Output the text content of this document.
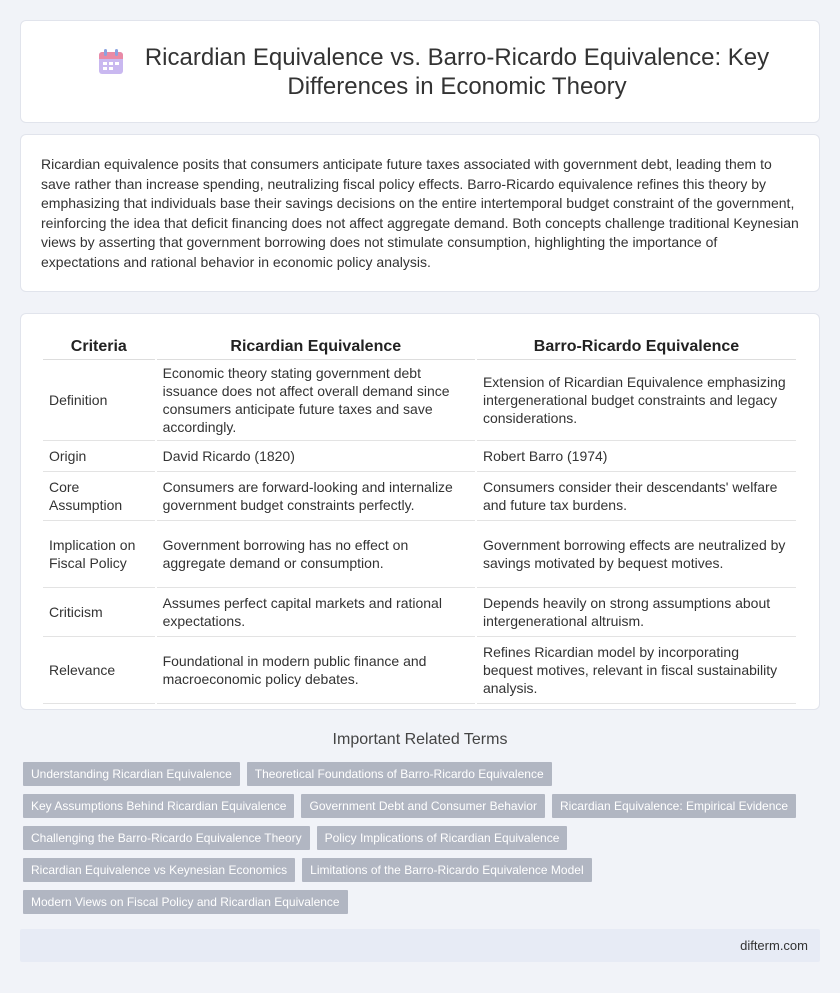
Ricardian Equivalence vs. Barro-Ricardo Equivalence: Key Differences in Economic Theory

Ricardian equivalence posits that consumers anticipate future taxes associated with government debt, leading them to save rather than increase spending, neutralizing fiscal policy effects. Barro-Ricardo equivalence refines this theory by emphasizing that individuals base their savings decisions on the entire intertemporal budget constraint of the government, reinforcing the idea that deficit financing does not affect aggregate demand. Both concepts challenge traditional Keynesian views by asserting that government borrowing does not stimulate consumption, highlighting the importance of expectations and rational behavior in economic policy analysis.

Criteria	Ricardian Equivalence	Barro-Ricardo Equivalence
Definition	Economic theory stating government debt issuance does not affect overall demand since consumers anticipate future taxes and save accordingly.	Extension of Ricardian Equivalence emphasizing intergenerational budget constraints and legacy considerations.
Origin	David Ricardo (1820)	Robert Barro (1974)
Core Assumption	Consumers are forward-looking and internalize government budget constraints perfectly.	Consumers consider their descendants' welfare and future tax burdens.
Implication on Fiscal Policy	Government borrowing has no effect on aggregate demand or consumption.	Government borrowing effects are neutralized by savings motivated by bequest motives.
Criticism	Assumes perfect capital markets and rational expectations.	Depends heavily on strong assumptions about intergenerational altruism.
Relevance	Foundational in modern public finance and macroeconomic policy debates.	Refines Ricardian model by incorporating bequest motives, relevant in fiscal sustainability analysis.
Important Related Terms
Understanding Ricardian Equivalence	Theoretical Foundations of Barro-Ricardo Equivalence
Key Assumptions Behind Ricardian Equivalence	Government Debt and Consumer Behavior	Ricardian Equivalence: Empirical Evidence
Challenging the Barro-Ricardo Equivalence Theory	Policy Implications of Ricardian Equivalence
Ricardian Equivalence vs Keynesian Economics	Limitations of the Barro-Ricardo Equivalence Model
Modern Views on Fiscal Policy and Ricardian Equivalence
difterm.com
